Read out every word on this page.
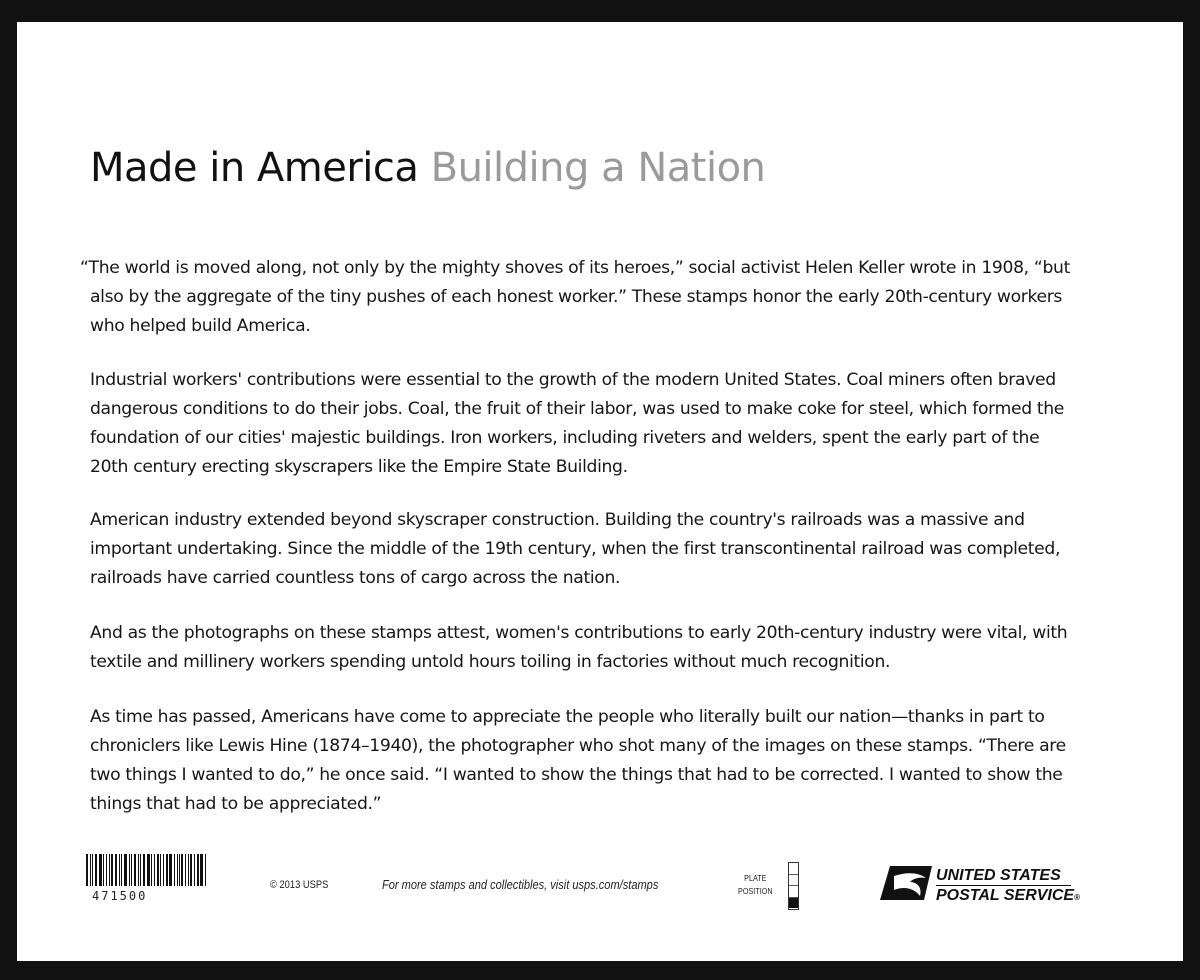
Made in America Building a Nation
“The world is moved along, not only by the mighty shoves of its heroes,” social activist Helen Keller wrote in 1908, “but
also by the aggregate of the tiny pushes of each honest worker.” These stamps honor the early 20th-century workers
who helped build America.
Industrial workers' contributions were essential to the growth of the modern United States. Coal miners often braved
dangerous conditions to do their jobs. Coal, the fruit of their labor, was used to make coke for steel, which formed the
foundation of our cities' majestic buildings. Iron workers, including riveters and welders, spent the early part of the
20th century erecting skyscrapers like the Empire State Building.
American industry extended beyond skyscraper construction. Building the country's railroads was a massive and
important undertaking. Since the middle of the 19th century, when the first transcontinental railroad was completed,
railroads have carried countless tons of cargo across the nation.
And as the photographs on these stamps attest, women's contributions to early 20th-century industry were vital, with
textile and millinery workers spending untold hours toiling in factories without much recognition.
As time has passed, Americans have come to appreciate the people who literally built our nation—thanks in part to
chroniclers like Lewis Hine (1874–1940), the photographer who shot many of the images on these stamps. “There are
two things I wanted to do,” he once said. “I wanted to show the things that had to be corrected. I wanted to show the
things that had to be appreciated.”
471500
© 2013 USPS	For more stamps and collectibles, visit usps.com/stamps	PLATE
POSITION
UNITED STATES
POSTAL SERVICE®
